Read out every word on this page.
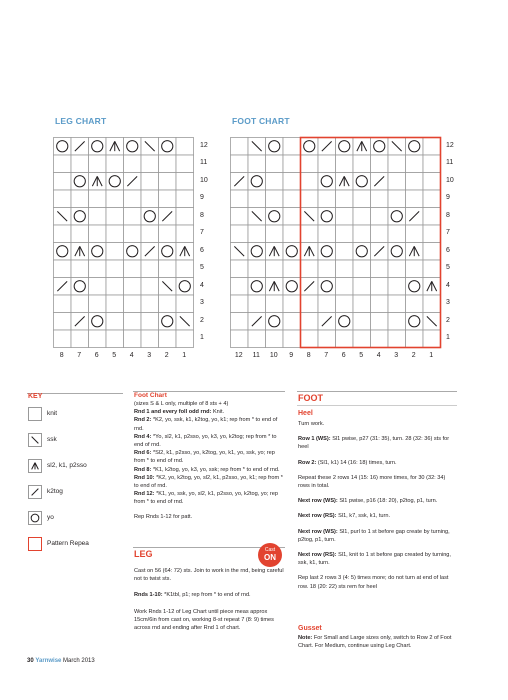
LEG CHART	FOOT CHART
12
11
10
9
8
7
6
5
4
3
2
1
8	7	6	5	4	3	2	1
12
11
10
9
8
7
6
5
4
3
2
1
12	11	10	9	8	7	6	5	4	3	2	1
KEY
knit
ssk
sl2, k1, p2sso
k2tog
yo
Pattern Repea
Foot Chart
(sizes S & L only, multiple of 8 sts + 4)
Rnd 1 and every foll odd rnd: Knit.
Rnd 2: *K2, yo, ssk, k1, k2tog, yo, k1; rep from * to end of rnd.
Rnd 4: *Yo, sl2, k1, p2sso, yo, k3, yo, k2tog; rep from * to end of rnd.
Rnd 6: *Sl2, k1, p2sso, yo, k2tog, yo, k1, yo, ssk, yo; rep from * to end of rnd.
Rnd 8: *K1, k2tog, yo, k3, yo, ssk; rep from * to end of rnd.
Rnd 10: *K2, yo, k2tog, yo, sl2, k1, p2sso, yo, k1; rep from * to end of rnd.
Rnd 12: *K1, yo, ssk, yo, sl2, k1, p2sso, yo, k2tog, yo; rep from * to end of rnd.
Rep Rnds 1-12 for patt.
LEG	Cast
ON
Cast on 56 (64: 72) sts. Join to work in the rnd, being careful not to twist sts.
Rnds 1-10: *K1tbl, p1; rep from * to end of rnd.
Work Rnds 1-12 of Leg Chart until piece meas approx 15cm/6in from cast on, working 8-st repeat 7 (8: 9) times across rnd and ending after Rnd 1 of chart.
FOOT
Heel
Turn work.
Row 1 (WS): Sl1 pwise, p27 (31: 35), turn. 28 (32: 36) sts for heel
Row 2: (Sl1, k1) 14 (16: 18) times, turn.
Repeat these 2 rows 14 (15: 16) more times, for 30 (32: 34) rows in total.
Next row (WS): Sl1 pwise, p16 (18: 20), p2tog, p1, turn.
Next row (RS): Sl1, k7, ssk, k1, turn.
Next row (WS): Sl1, purl to 1 st before gap create by turning, p2tog, p1, turn.
Next row (RS): Sl1, knit to 1 st before gap created by turning, ssk, k1, turn.
Rep last 2 rows 3 (4: 5) times more; do not turn at end of last row. 18 (20: 22) sts rem for heel
Gusset
Note: For Small and Large sizes only, switch to Row 2 of Foot Chart. For Medium, continue using Leg Chart.
30 Yarnwise March 2013
